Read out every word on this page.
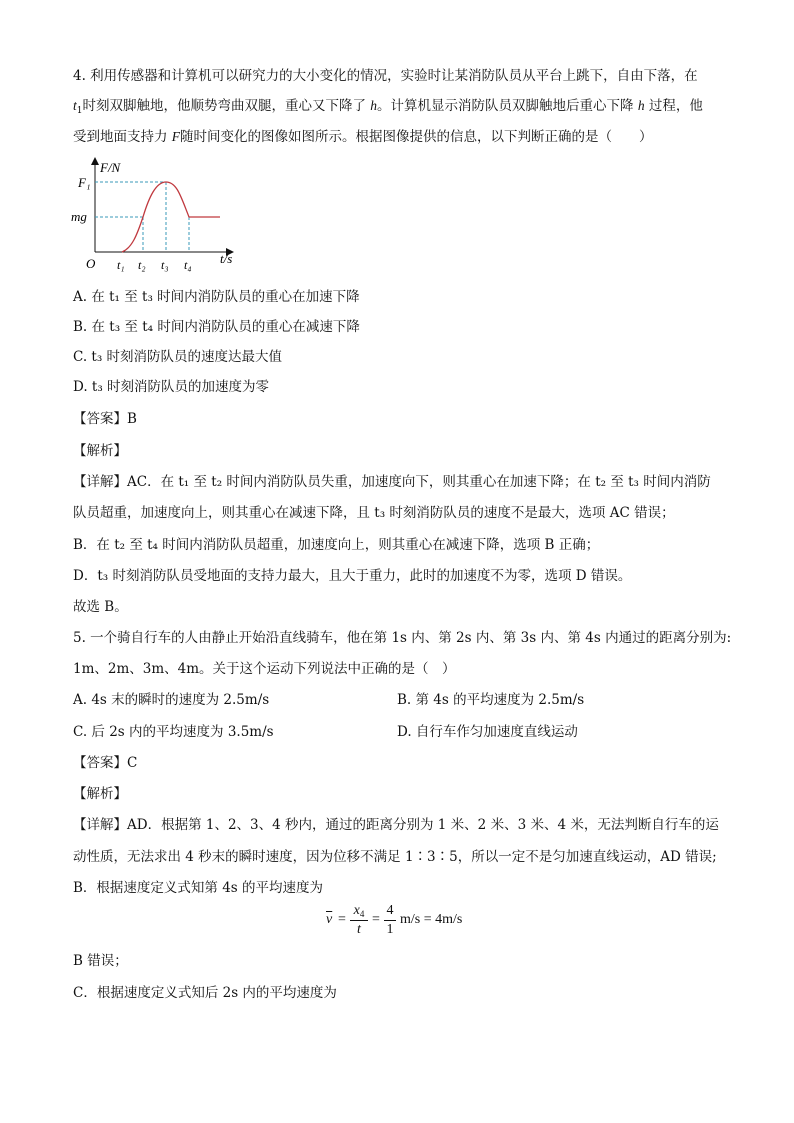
4. 利用传感器和计算机可以研究力的大小变化的情况，实验时让某消防队员从平台上跳下，自由下落，在
$t_1$时刻双脚触地，他顺势弯曲双腿，重心又下降了 h。计算机显示消防队员双脚触地后重心下降 h 过程，他
受到地面支持力 F随时间变化的图像如图所示。根据图像提供的信息，以下判断正确的是（　　）
F/N
t/s
F₁
mg
O t₁ t₂ t₃ t₄
A. 在 t₁ 至 t₃ 时间内消防队员的重心在加速下降
B. 在 t₃ 至 t₄ 时间内消防队员的重心在减速下降
C. t₃ 时刻消防队员的速度达最大值
D. t₃ 时刻消防队员的加速度为零
【答案】B
【解析】
【详解】AC．在 t₁ 至 t₂ 时间内消防队员失重，加速度向下，则其重心在加速下降；在 t₂ 至 t₃ 时间内消防
队员超重，加速度向上，则其重心在减速下降，且 t₃ 时刻消防队员的速度不是最大，选项 AC 错误；
B．在 t₂ 至 t₄ 时间内消防队员超重，加速度向上，则其重心在减速下降，选项 B 正确；
D．t₃ 时刻消防队员受地面的支持力最大，且大于重力，此时的加速度不为零，选项 D 错误。
故选 B。
5. 一个骑自行车的人由静止开始沿直线骑车，他在第 1s 内、第 2s 内、第 3s 内、第 4s 内通过的距离分别为:
1m、2m、3m、4m。关于这个运动下列说法中正确的是（　）
A. 4s 末的瞬时的速度为 2.5m/s	B. 第 4s 的平均速度为 2.5m/s
C. 后 2s 内的平均速度为 3.5m/s	D. 自行车作匀加速度直线运动
【答案】C
【解析】
【详解】AD．根据第 1、2、3、4 秒内，通过的距离分别为 1 米、2 米、3 米、4 米，无法判断自行车的运
动性质，无法求出 4 秒末的瞬时速度，因为位移不满足 1∶3∶5，所以一定不是匀加速直线运动，AD 错误;
B．根据速度定义式知第 4s 的平均速度为
$\overline{v}$ =
$x_4$
t
=
4
1
m/s = 4m/s
B 错误；
C．根据速度定义式知后 2s 内的平均速度为
